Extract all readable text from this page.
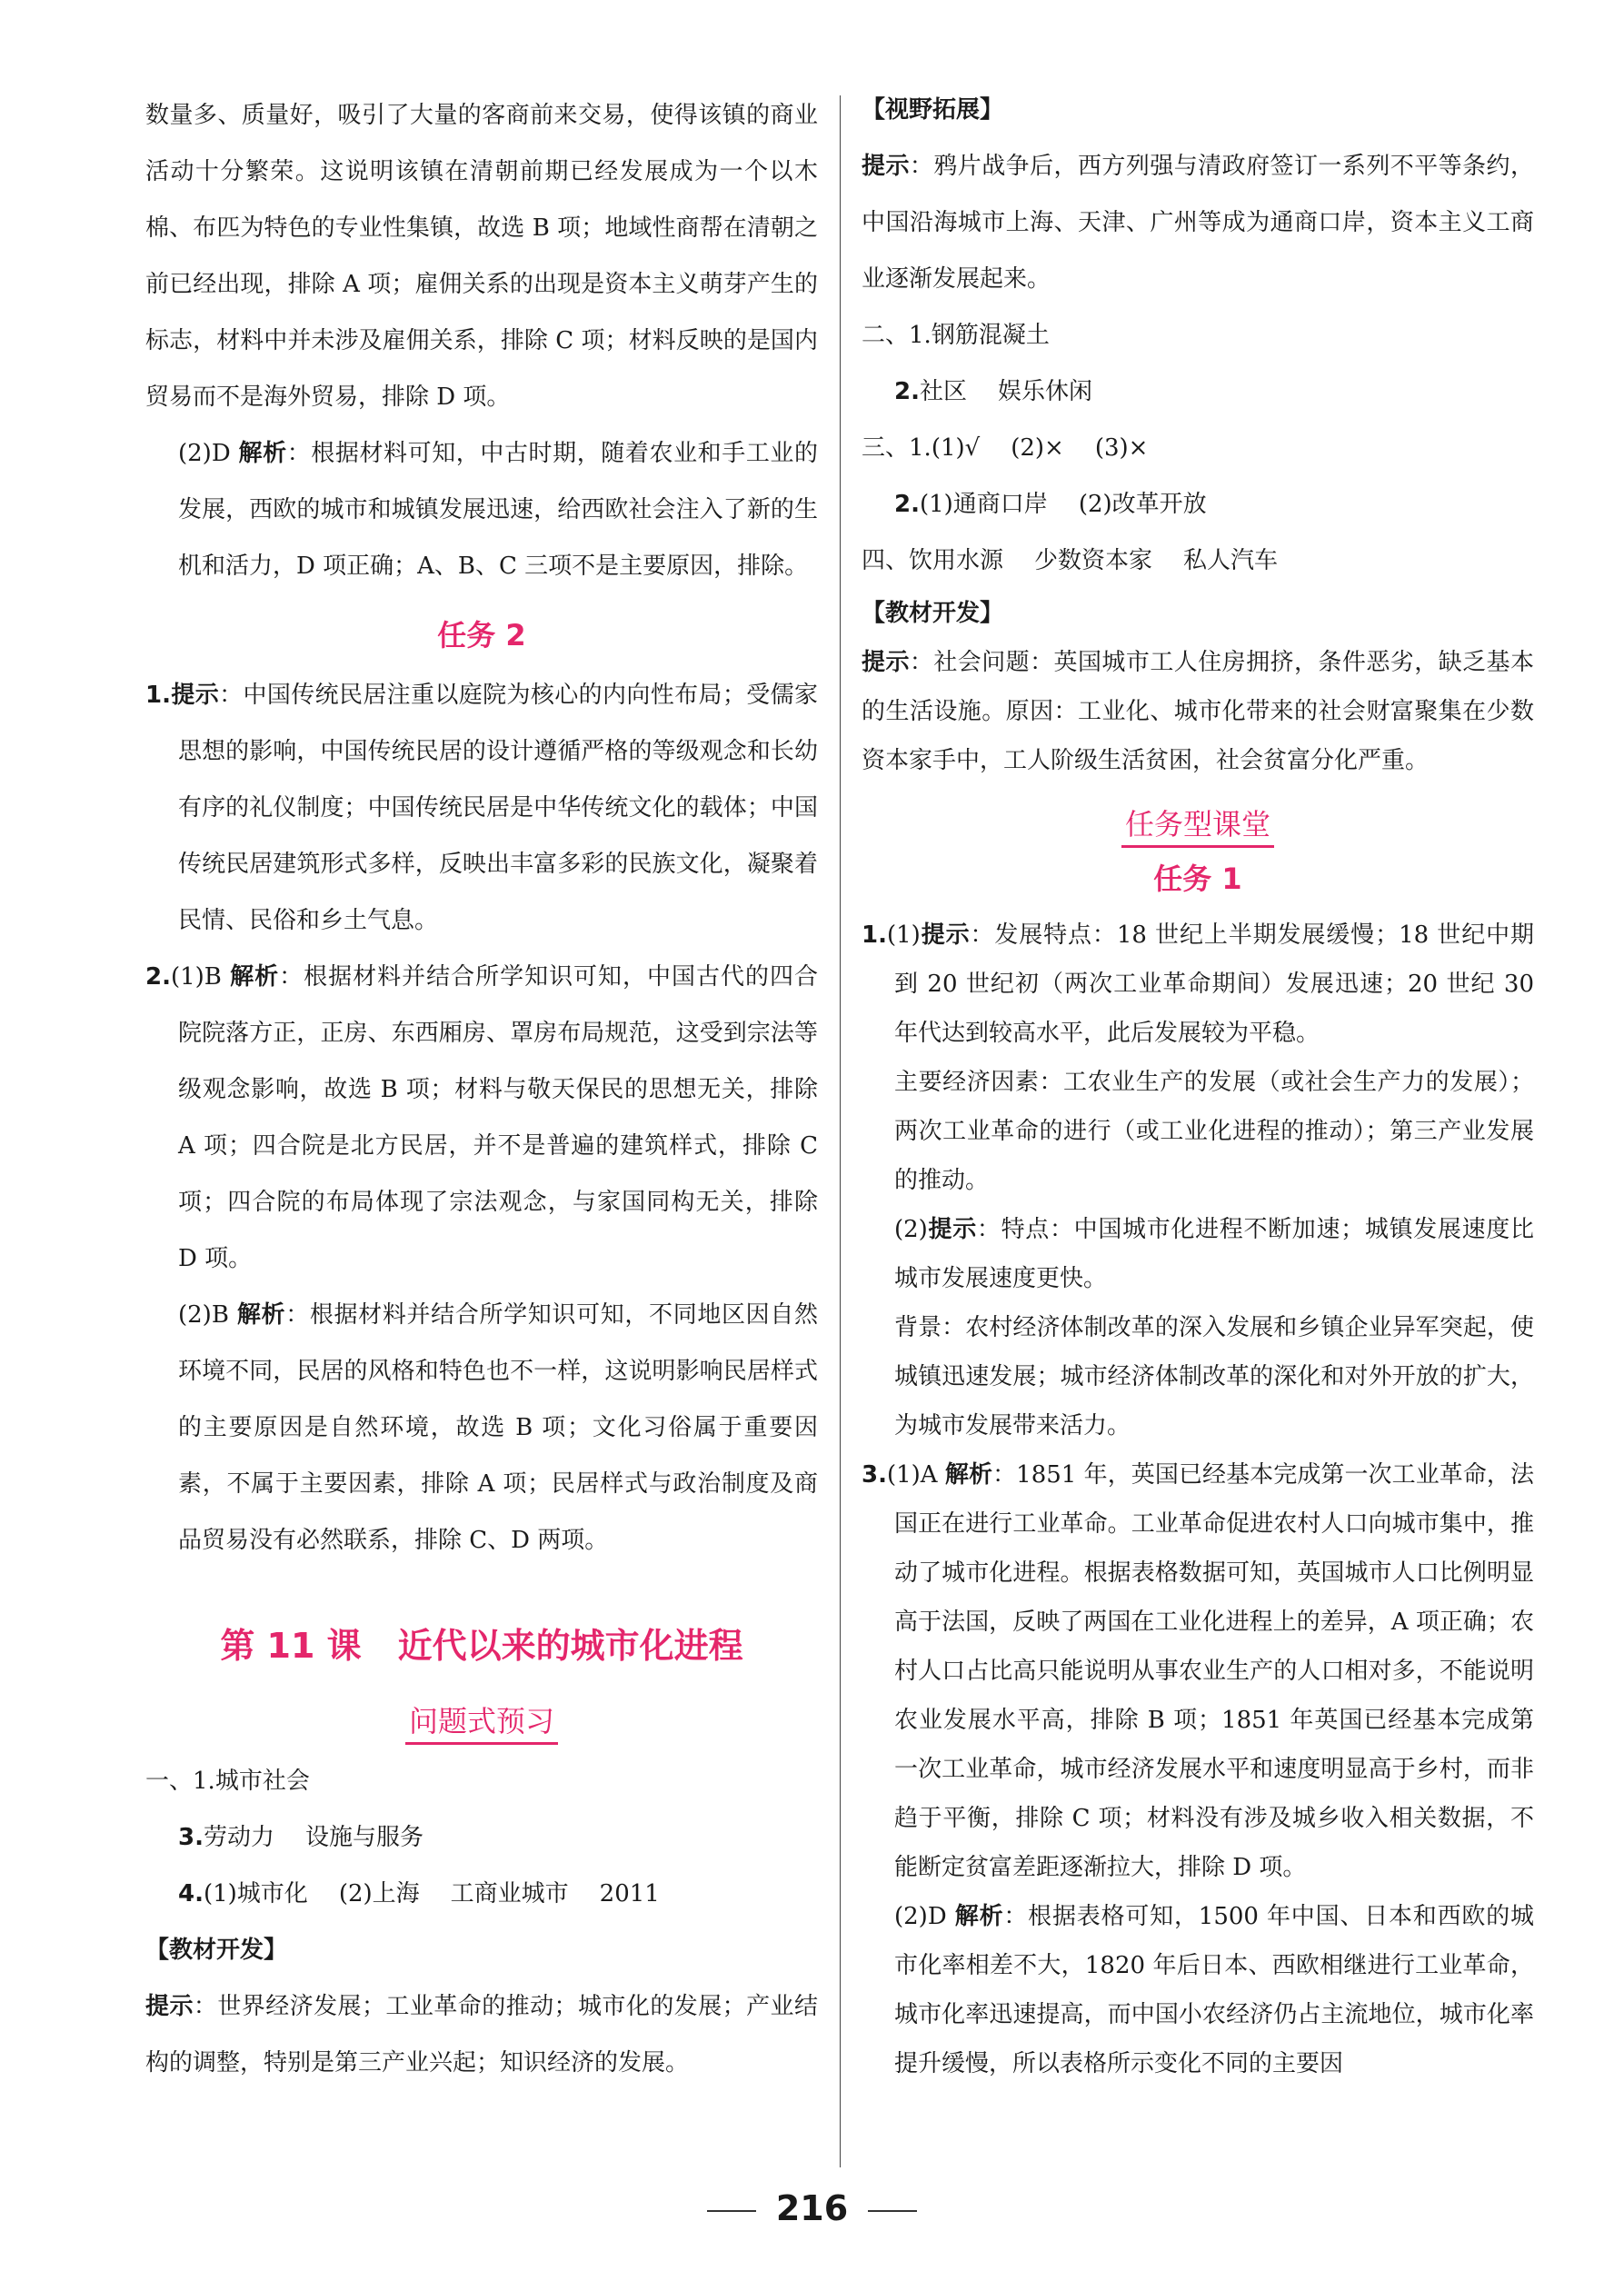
数量多、质量好，吸引了大量的客商前来交易，使得该镇的商业活动十分繁荣。这说明该镇在清朝前期已经发展成为一个以木棉、布匹为特色的专业性集镇，故选 B 项；地域性商帮在清朝之前已经出现，排除 A 项；雇佣关系的出现是资本主义萌芽产生的标志，材料中并未涉及雇佣关系，排除 C 项；材料反映的是国内贸易而不是海外贸易，排除 D 项。

(2)D 解析：根据材料可知，中古时期，随着农业和手工业的发展，西欧的城市和城镇发展迅速，给西欧社会注入了新的生机和活力，D 项正确；A、B、C 三项不是主要原因，排除。

任务 2

1.提示：中国传统民居注重以庭院为核心的内向性布局；受儒家思想的影响，中国传统民居的设计遵循严格的等级观念和长幼有序的礼仪制度；中国传统民居是中华传统文化的载体；中国传统民居建筑形式多样，反映出丰富多彩的民族文化，凝聚着民情、民俗和乡土气息。

2.(1)B 解析：根据材料并结合所学知识可知，中国古代的四合院院落方正，正房、东西厢房、罩房布局规范，这受到宗法等级观念影响，故选 B 项；材料与敬天保民的思想无关，排除 A 项；四合院是北方民居，并不是普遍的建筑样式，排除 C 项；四合院的布局体现了宗法观念，与家国同构无关，排除 D 项。

(2)B 解析：根据材料并结合所学知识可知，不同地区因自然环境不同，民居的风格和特色也不一样，这说明影响民居样式的主要原因是自然环境，故选 B 项；文化习俗属于重要因素，不属于主要因素，排除 A 项；民居样式与政治制度及商品贸易没有必然联系，排除 C、D 两项。

第 11 课 近代以来的城市化进程
问题式预习

一、1.城市社会

3.劳动力 设施与服务

4.(1)城市化 (2)上海 工商业城市 2011

【教材开发】

提示：世界经济发展；工业革命的推动；城市化的发展；产业结构的调整，特别是第三产业兴起；知识经济的发展。

【视野拓展】

提示：鸦片战争后，西方列强与清政府签订一系列不平等条约，中国沿海城市上海、天津、广州等成为通商口岸，资本主义工商业逐渐发展起来。

二、1.钢筋混凝土

2.社区 娱乐休闲

三、1.(1)√ (2)× (3)×

2.(1)通商口岸 (2)改革开放

四、饮用水源 少数资本家 私人汽车

【教材开发】

提示：社会问题：英国城市工人住房拥挤，条件恶劣，缺乏基本的生活设施。原因：工业化、城市化带来的社会财富聚集在少数资本家手中，工人阶级生活贫困，社会贫富分化严重。

任务型课堂
任务 1

1.(1)提示：发展特点：18 世纪上半期发展缓慢；18 世纪中期到 20 世纪初（两次工业革命期间）发展迅速；20 世纪 30 年代达到较高水平，此后发展较为平稳。

主要经济因素：工农业生产的发展（或社会生产力的发展）；两次工业革命的进行（或工业化进程的推动）；第三产业发展的推动。

(2)提示：特点：中国城市化进程不断加速；城镇发展速度比城市发展速度更快。

背景：农村经济体制改革的深入发展和乡镇企业异军突起，使城镇迅速发展；城市经济体制改革的深化和对外开放的扩大，为城市发展带来活力。

3.(1)A 解析：1851 年，英国已经基本完成第一次工业革命，法国正在进行工业革命。工业革命促进农村人口向城市集中，推动了城市化进程。根据表格数据可知，英国城市人口比例明显高于法国，反映了两国在工业化进程上的差异，A 项正确；农村人口占比高只能说明从事农业生产的人口相对多，不能说明农业发展水平高，排除 B 项；1851 年英国已经基本完成第一次工业革命，城市经济发展水平和速度明显高于乡村，而非趋于平衡，排除 C 项；材料没有涉及城乡收入相关数据，不能断定贫富差距逐渐拉大，排除 D 项。

(2)D 解析：根据表格可知，1500 年中国、日本和西欧的城市化率相差不大，1820 年后日本、西欧相继进行工业革命，城市化率迅速提高，而中国小农经济仍占主流地位，城市化率提升缓慢，所以表格所示变化不同的主要因

216
